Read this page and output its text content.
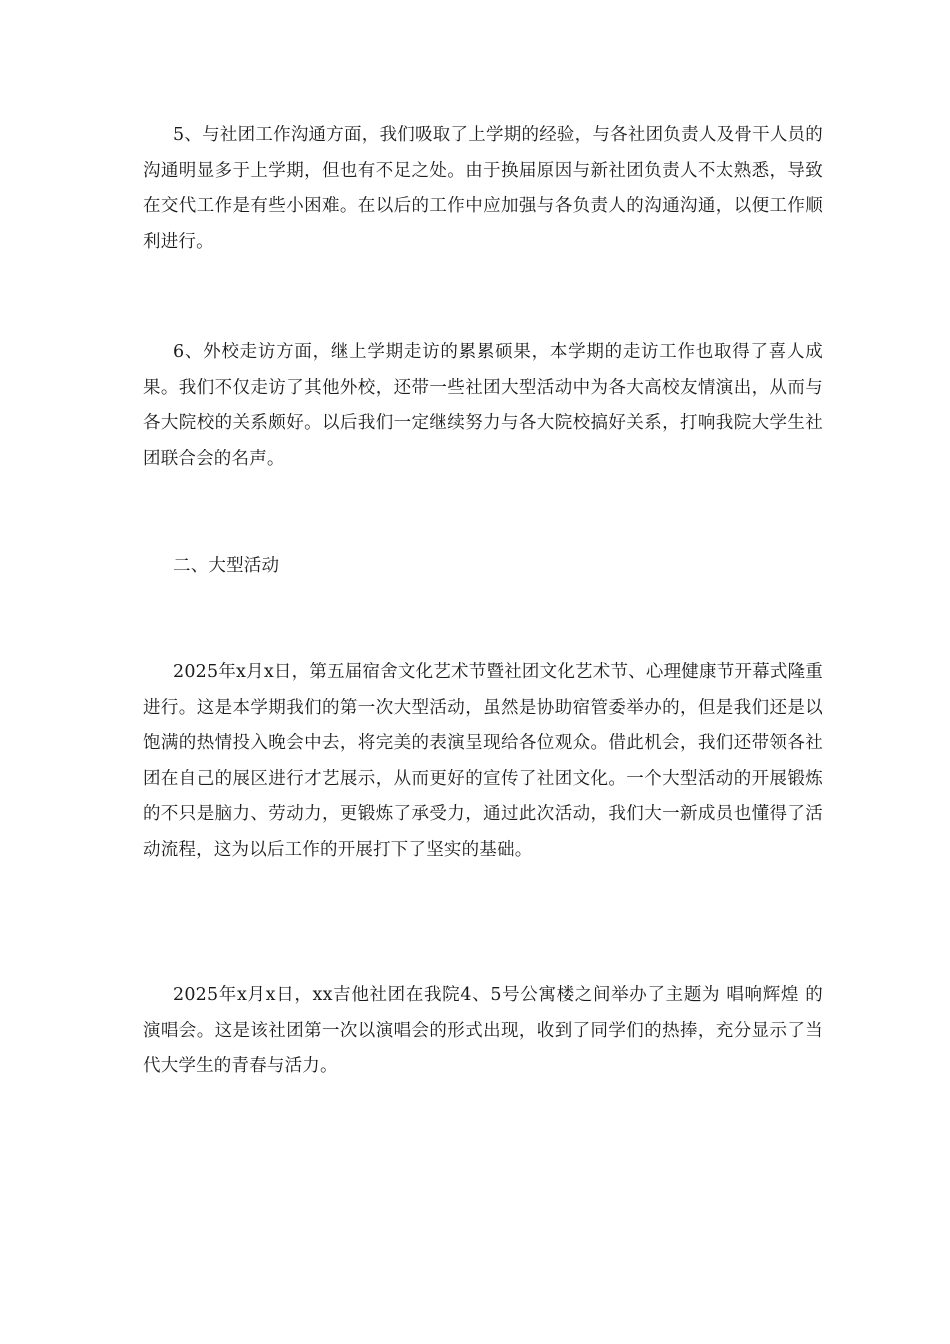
5、与社团工作沟通方面，我们吸取了上学期的经验，与各社团负责人及骨干人员的沟通明显多于上学期，但也有不足之处。由于换届原因与新社团负责人不太熟悉，导致在交代工作是有些小困难。在以后的工作中应加强与各负责人的沟通沟通，以便工作顺利进行。

6、外校走访方面，继上学期走访的累累硕果，本学期的走访工作也取得了喜人成果。我们不仅走访了其他外校，还带一些社团大型活动中为各大高校友情演出，从而与各大院校的关系颇好。以后我们一定继续努力与各大院校搞好关系，打响我院大学生社团联合会的名声。

二、大型活动

2025年x月x日，第五届宿舍文化艺术节暨社团文化艺术节、心理健康节开幕式隆重进行。这是本学期我们的第一次大型活动，虽然是协助宿管委举办的，但是我们还是以饱满的热情投入晚会中去，将完美的表演呈现给各位观众。借此机会，我们还带领各社团在自己的展区进行才艺展示，从而更好的宣传了社团文化。一个大型活动的开展锻炼的不只是脑力、劳动力，更锻炼了承受力，通过此次活动，我们大一新成员也懂得了活动流程，这为以后工作的开展打下了坚实的基础。

2025年x月x日，xx吉他社团在我院4、5号公寓楼之间举办了主题为 唱响辉煌 的演唱会。这是该社团第一次以演唱会的形式出现，收到了同学们的热捧，充分显示了当代大学生的青春与活力。
